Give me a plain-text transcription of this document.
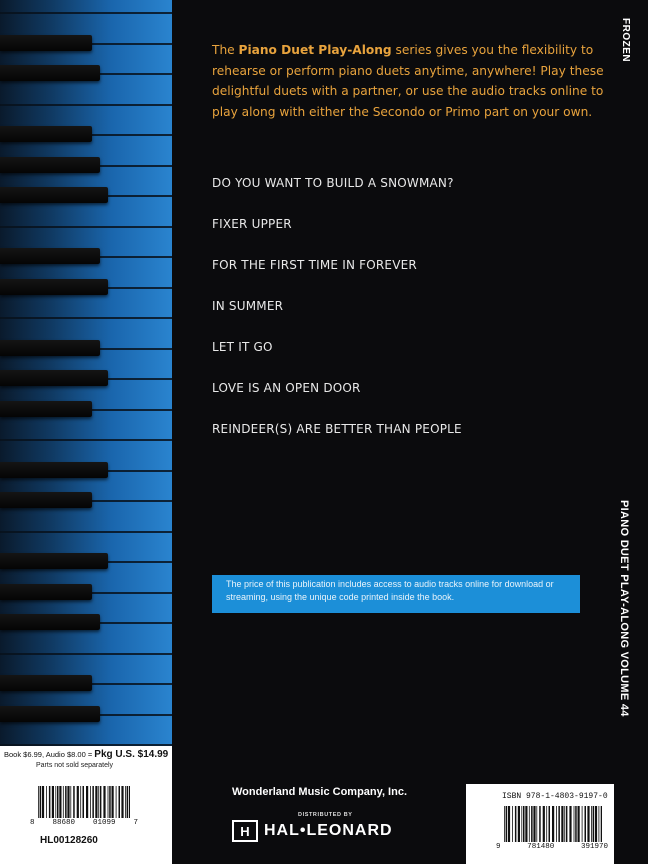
Book $6.99, Audio $8.00 = Pkg U.S. $14.99
Parts not sold separately
8 88680 01099 7
HL00128260
The Piano Duet Play-Along series gives you the flexibility to rehearse or perform piano duets anytime, anywhere! Play these delightful duets with a partner, or use the audio tracks online to play along with either the Secondo or Primo part on your own.
DO YOU WANT TO BUILD A SNOWMAN?
FIXER UPPER
FOR THE FIRST TIME IN FOREVER
IN SUMMER
LET IT GO
LOVE IS AN OPEN DOOR
REINDEER(S) ARE BETTER THAN PEOPLE
The price of this publication includes access to audio tracks online for download or streaming, using the unique code printed inside the book.
FROZEN
PIANO DUET PLAY-ALONG VOLUME 44
Wonderland Music Company, Inc.
DISTRIBUTED BY
H HAL•LEONARD
ISBN 978-1-4803-9197-0
9	781480	391970
